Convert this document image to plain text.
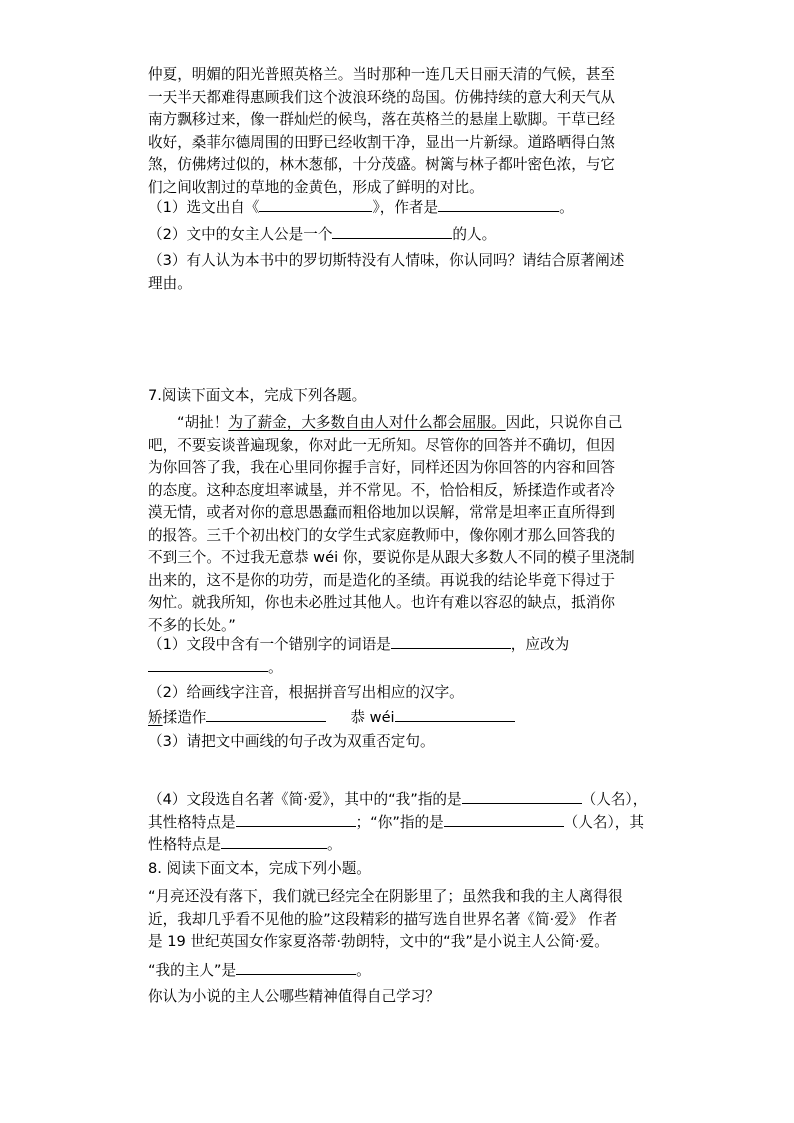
仲夏，明媚的阳光普照英格兰。当时那种一连几天日丽天清的气候，甚至
一天半天都难得惠顾我们这个波浪环绕的岛国。仿佛持续的意大利天气从
南方飘移过来，像一群灿烂的候鸟，落在英格兰的悬崖上歇脚。干草已经
收好，桑菲尔德周围的田野已经收割干净，显出一片新绿。道路晒得白煞
煞，仿佛烤过似的，林木葱郁，十分茂盛。树篱与林子都叶密色浓，与它
们之间收割过的草地的金黄色，形成了鲜明的对比。
（1）选文出自《	》，作者是	。
（2）文中的女主人公是一个	的人。
（3）有人认为本书中的罗切斯特没有人情味，你认同吗？请结合原著阐述
理由。
7.阅读下面文本，完成下列各题。
“胡扯！为了薪金，大多数自由人对什么都会屈服。因此，只说你自己
吧，不要妄谈普遍现象，你对此一无所知。尽管你的回答并不确切，但因
为你回答了我，我在心里同你握手言好，同样还因为你回答的内容和回答
的态度。这种态度坦率诚垦，并不常见。不，恰恰相反，矫揉造作或者冷
漠无情，或者对你的意思愚蠢而粗俗地加以误解，常常是坦率正直所得到
的报答。三千个初出校门的女学生式家庭教师中，像你刚才那么回答我的
不到三个。不过我无意恭 wéi 你，要说你是从跟大多数人不同的模子里浇制
出来的，这不是你的功劳，而是造化的圣绩。再说我的结论毕竟下得过于
匆忙。就我所知，你也未必胜过其他人。也许有难以容忍的缺点，抵消你
不多的长处。”
（1）文段中含有一个错别字的词语是	，应改为
。
（2）给画线字注音，根据拼音写出相应的汉字。
矫揉造作	恭 wéi
（3）请把文中画线的句子改为双重否定句。
（4）文段选自名著《简·爱》，其中的“我”指的是	（人名），
其性格特点是	；“你”指的是	（人名），其
性格特点是	。
8. 阅读下面文本，完成下列小题。
“月亮还没有落下，我们就已经完全在阴影里了；虽然我和我的主人离得很
近，我却几乎看不见他的脸”这段精彩的描写选自世界名著《简·爱》 作者
是 19 世纪英国女作家夏洛蒂·勃朗特，文中的“我”是小说主人公简·爱。
“我的主人”是	。
你认为小说的主人公哪些精神值得自己学习？
